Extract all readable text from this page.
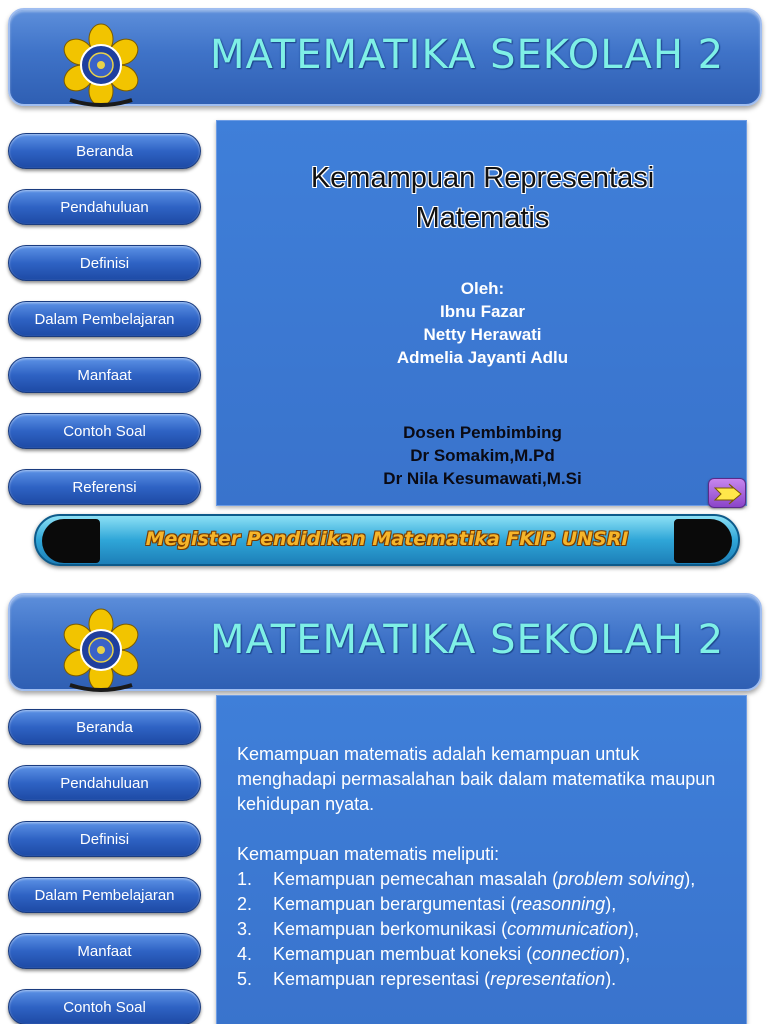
MATEMATIKA SEKOLAH 2
Beranda
Pendahuluan
Definisi
Dalam Pembelajaran
Manfaat
Contoh Soal
Referensi
Kemampuan Representasi
Matematis
Oleh:
Ibnu Fazar
Netty Herawati
Admelia Jayanti Adlu
Dosen Pembimbing
Dr Somakim,M.Pd
Dr Nila Kesumawati,M.Si
Megister Pendidikan Matematika FKIP UNSRI
MATEMATIKA SEKOLAH 2
Beranda
Pendahuluan
Definisi
Dalam Pembelajaran
Manfaat
Contoh Soal
Kemampuan matematis adalah kemampuan untuk menghadapi permasalahan baik dalam matematika maupun kehidupan nyata.
Kemampuan matematis meliputi:
1. Kemampuan pemecahan masalah (problem solving),
2. Kemampuan berargumentasi (reasonning),
3. Kemampuan berkomunikasi (communication),
4. Kemampuan membuat koneksi (connection),
5. Kemampuan representasi (representation).
